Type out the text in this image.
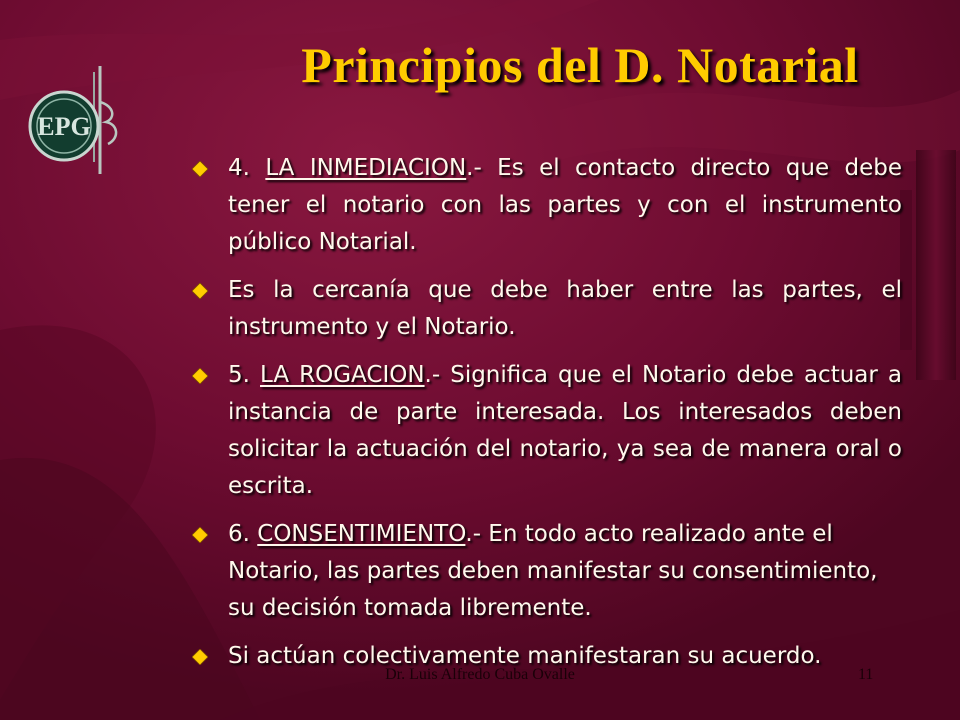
EPG
Principios del D. Notarial

4. LA INMEDIACION.- Es el contacto directo que debe tener el notario con las partes y con el instrumento público Notarial.

Es la cercanía que debe haber entre las partes, el instrumento y el Notario.

5. LA ROGACION.- Significa que el Notario debe actuar a instancia de parte interesada. Los interesados deben solicitar la actuación del notario, ya sea de manera oral o escrita.

6. CONSENTIMIENTO.- En todo acto realizado ante el Notario, las partes deben manifestar su consentimiento, su decisión tomada libremente.

Si actúan colectivamente manifestaran su acuerdo.

Dr. Luis Alfredo Cuba Ovalle	11
